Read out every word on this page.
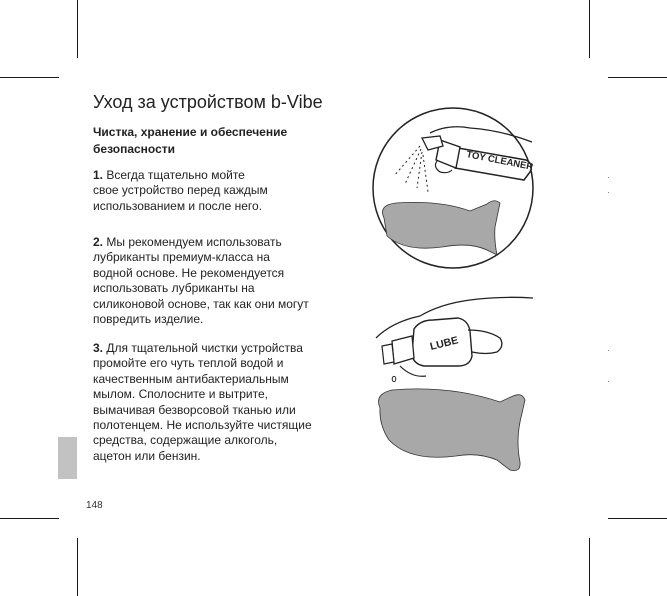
Уход за устройством b-Vibe
Чистка, хранение и обеспечение безопасности
1. Всегда тщательно мойте
свое устройство перед каждым
использованием и после него.
2. Мы рекомендуем использовать
лубриканты премиум-класса на
водной основе. Не рекомендуется
использовать лубриканты на
силиконовой основе, так как они могут
повредить изделие.
3. Для тщательной чистки устройства
промойте его чуть теплой водой и
качественным антибактериальным
мылом. Сполосните и вытрите,
вымачивая безворсовой тканью или
полотенцем. Не используйте чистящие
средства, содержащие алкоголь,
ацетон или бензин.
148
·
·
·
·
TOY CLEANER
LUBE
